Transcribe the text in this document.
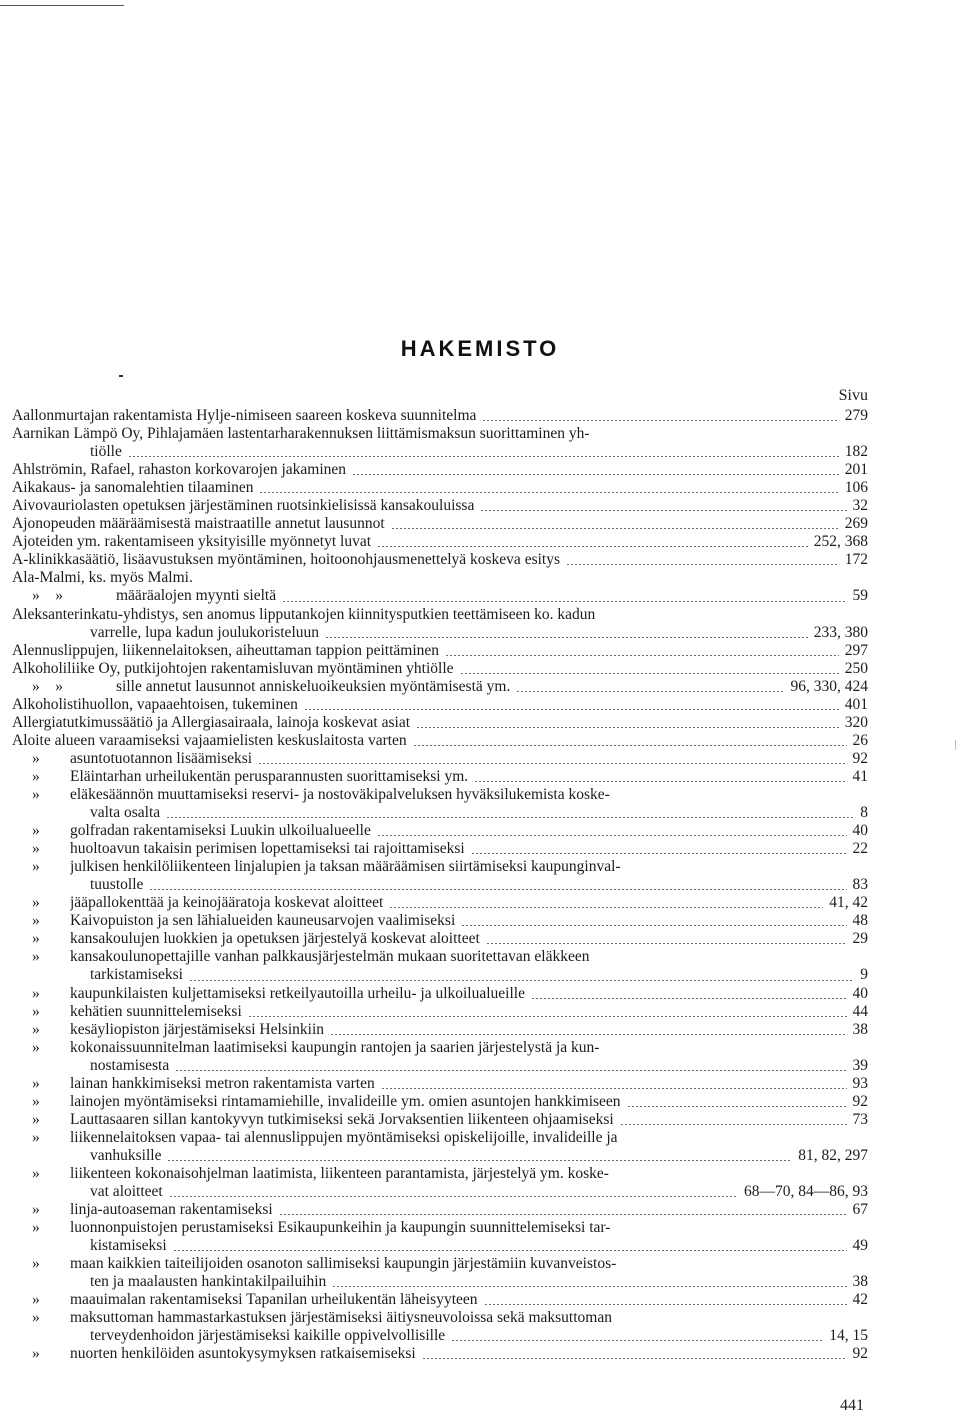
HAKEMISTO
Sivu
Aallonmurtajan rakentamista Hylje-nimiseen saareen koskeva suunnitelma	279
Aarnikan Lämpö Oy, Pihlajamäen lastentarharakennuksen liittämismaksun suorittaminen yh-
tiölle	182
Ahlströmin, Rafael, rahaston korkovarojen jakaminen	201
Aikakaus- ja sanomalehtien tilaaminen	106
Aivovauriolasten opetuksen järjestäminen ruotsinkielisissä kansakouluissa	32
Ajonopeuden määräämisestä maistraatille annetut lausunnot	269
Ajoteiden ym. rakentamiseen yksityisille myönnetyt luvat	252, 368
A-klinikkasäätiö, lisäavustuksen myöntäminen, hoitoonohjausmenettelyä koskeva esitys	172
Ala-Malmi, ks. myös Malmi.
»    »	määräalojen myynti sieltä	59
Aleksanterinkatu-yhdistys, sen anomus lipputankojen kiinnitysputkien teettämiseen ko. kadun
varrelle, lupa kadun joulukoristeluun	233, 380
Alennuslippujen, liikennelaitoksen, aiheuttaman tappion peittäminen	297
Alkoholiliike Oy, putkijohtojen rakentamisluvan myöntäminen yhtiölle	250
»    »	sille annetut lausunnot anniskeluoikeuksien myöntämisestä ym.	96, 330, 424
Alkoholistihuollon, vapaaehtoisen, tukeminen	401
Allergiatutkimussäätiö ja Allergiasairaala, lainoja koskevat asiat	320
Aloite alueen varaamiseksi vajaamielisten keskuslaitosta varten	26
»	asuntotuotannon lisäämiseksi	92
»	Eläintarhan urheilukentän perusparannusten suorittamiseksi ym.	41
»	eläkesäännön muuttamiseksi reservi- ja nostoväkipalveluksen hyväksilukemista koske-
valta osalta	8
»	golfradan rakentamiseksi Luukin ulkoilualueelle	40
»	huoltoavun takaisin perimisen lopettamiseksi tai rajoittamiseksi	22
»	julkisen henkilöliikenteen linjalupien ja taksan määräämisen siirtämiseksi kaupunginval-
tuustolle	83
»	jääpallokenttää ja keinojääratoja koskevat aloitteet	41, 42
»	Kaivopuiston ja sen lähialueiden kauneusarvojen vaalimiseksi	48
»	kansakoulujen luokkien ja opetuksen järjestelyä koskevat aloitteet	29
»	kansakoulunopettajille vanhan palkkausjärjestelmän mukaan suoritettavan eläkkeen
tarkistamiseksi	9
»	kaupunkilaisten kuljettamiseksi retkeilyautoilla urheilu- ja ulkoilualueille	40
»	kehätien suunnittelemiseksi	44
»	kesäyliopiston järjestämiseksi Helsinkiin	38
»	kokonaissuunnitelman laatimiseksi kaupungin rantojen ja saarien järjestelystä ja kun-
nostamisesta	39
»	lainan hankkimiseksi metron rakentamista varten	93
»	lainojen myöntämiseksi rintamamiehille, invalideille ym. omien asuntojen hankkimiseen	92
»	Lauttasaaren sillan kantokyvyn tutkimiseksi sekä Jorvaksentien liikenteen ohjaamiseksi	73
»	liikennelaitoksen vapaa- tai alennuslippujen myöntämiseksi opiskelijoille, invalideille ja
vanhuksille	81, 82, 297
»	liikenteen kokonaisohjelman laatimista, liikenteen parantamista, järjestelyä ym. koske-
vat aloitteet	68—70, 84—86, 93
»	linja-autoaseman rakentamiseksi	67
»	luonnonpuistojen perustamiseksi Esikaupunkeihin ja kaupungin suunnittelemiseksi tar-
kistamiseksi	49
»	maan kaikkien taiteilijoiden osanoton sallimiseksi kaupungin järjestämiin kuvanveistos-
ten ja maalausten hankintakilpailuihin	38
»	maauimalan rakentamiseksi Tapanilan urheilukentän läheisyyteen	42
»	maksuttoman hammastarkastuksen järjestämiseksi äitiysneuvoloissa sekä maksuttoman
terveydenhoidon järjestämiseksi kaikille oppivelvollisille	14, 15
»	nuorten henkilöiden asuntokysymyksen ratkaisemiseksi	92
441
